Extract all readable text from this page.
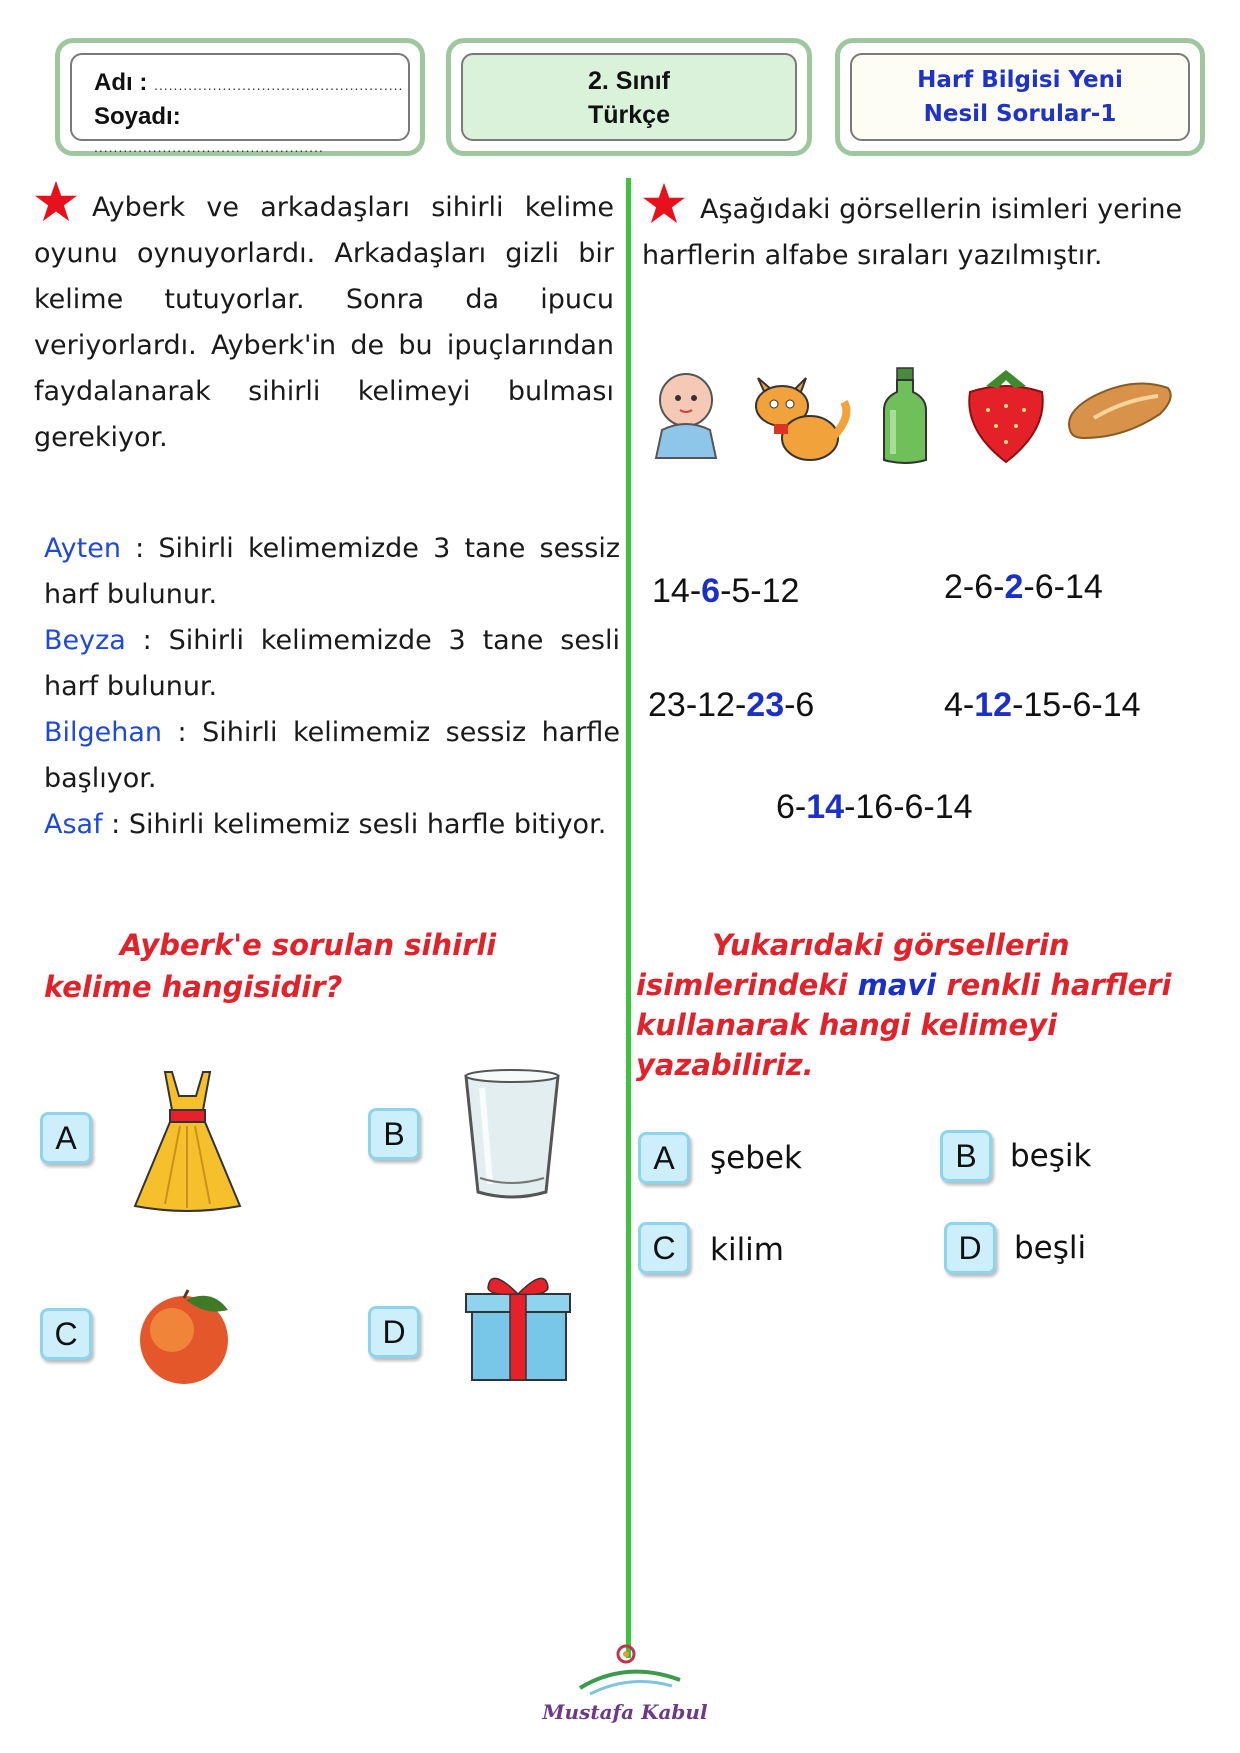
Adı : ...................................................
Soyadı: ...............................................
2. Sınıf
Türkçe
Harf Bilgisi Yeni
Nesil Sorular-1
Ayberk ve arkadaşları sihirli kelime oyunu oynuyorlardı. Arkadaşları gizli bir kelime tutuyorlar. Sonra da ipucu veriyorlardı. Ayberk'in de bu ipuçlarından faydalanarak sihirli kelimeyi bulması gerekiyor.
Ayten : Sihirli kelimemizde 3 tane sessiz harf bulunur.
Beyza : Sihirli kelimemizde 3 tane sesli harf bulunur.
Bilgehan : Sihirli kelimemiz sessiz harfle başlıyor.
Asaf : Sihirli kelimemiz sesli harfle bitiyor.
Ayberk'e sorulan sihirli
kelime hangisidir?
A	B
C	D
Aşağıdaki görsellerin isimleri yerine harflerin alfabe sıraları yazılmıştır.
14-6-5-12	2-6-2-6-14
23-12-23-6	4-12-15-6-14
6-14-16-6-14
Yukarıdaki görsellerin
isimlerindeki mavi renkli harfleri
kullanarak hangi kelimeyi
yazabiliriz.
A	şebek	B	beşik
C	kilim	D	beşli
Mustafa Kabul
